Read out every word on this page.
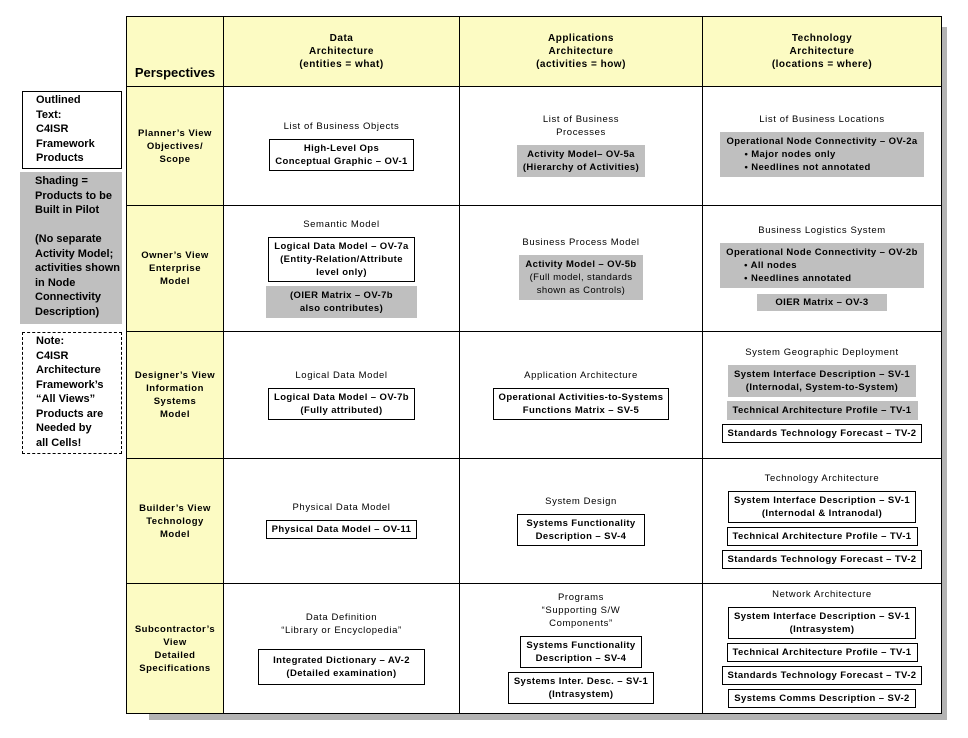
Outlined
Text:
C4ISR
Framework
Products
Shading =
Products to be
Built in Pilot
(No separate
Activity Model;
activities shown
in Node
Connectivity
Description)
Note:
C4ISR
Architecture
Framework’s
“All Views”
Products are
Needed by
all Cells!
Perspectives
Data
Architecture
(entities = what)
Applications
Architecture
(activities = how)
Technology
Architecture
(locations = where)
Planner’s View
Objectives/
Scope
List of Business Objects
High-Level Ops
Conceptual Graphic – OV-1
List of Business
Processes
Activity Model– OV-5a
(Hierarchy of Activities)
List of Business Locations
Operational Node Connectivity – OV-2a
• Major nodes only
• Needlines not annotated
Owner’s View
Enterprise
Model
Semantic Model
Logical Data Model – OV-7a
(Entity-Relation/Attribute
level only)
(OIER Matrix – OV-7b
also contributes)
Business Process Model
Activity Model – OV-5b
(Full model, standards
shown as Controls)
Business Logistics System
Operational Node Connectivity – OV-2b
• All nodes
• Needlines annotated
OIER Matrix – OV-3
Designer’s View
Information
Systems
Model
Logical Data Model
Logical Data Model – OV-7b
(Fully attributed)
Application Architecture
Operational Activities-to-Systems
Functions Matrix – SV-5
System Geographic Deployment
System Interface Description – SV-1
(Internodal, System-to-System)
Technical Architecture Profile – TV-1
Standards Technology Forecast – TV-2
Builder’s View
Technology
Model
Physical Data Model
Physical Data Model – OV-11
System Design
Systems Functionality
Description – SV-4
Technology Architecture
System Interface Description – SV-1
(Internodal & Intranodal)
Technical Architecture Profile – TV-1
Standards Technology Forecast – TV-2
Subcontractor’s
View
Detailed
Specifications
Data Definition
“Library or Encyclopedia”
Integrated Dictionary – AV-2
(Detailed examination)
Programs
“Supporting S/W
Components”
Systems Functionality
Description – SV-4
Systems Inter. Desc. – SV-1
(Intrasystem)
Network Architecture
System Interface Description – SV-1
(Intrasystem)
Technical Architecture Profile – TV-1
Standards Technology Forecast – TV-2
Systems Comms Description – SV-2
